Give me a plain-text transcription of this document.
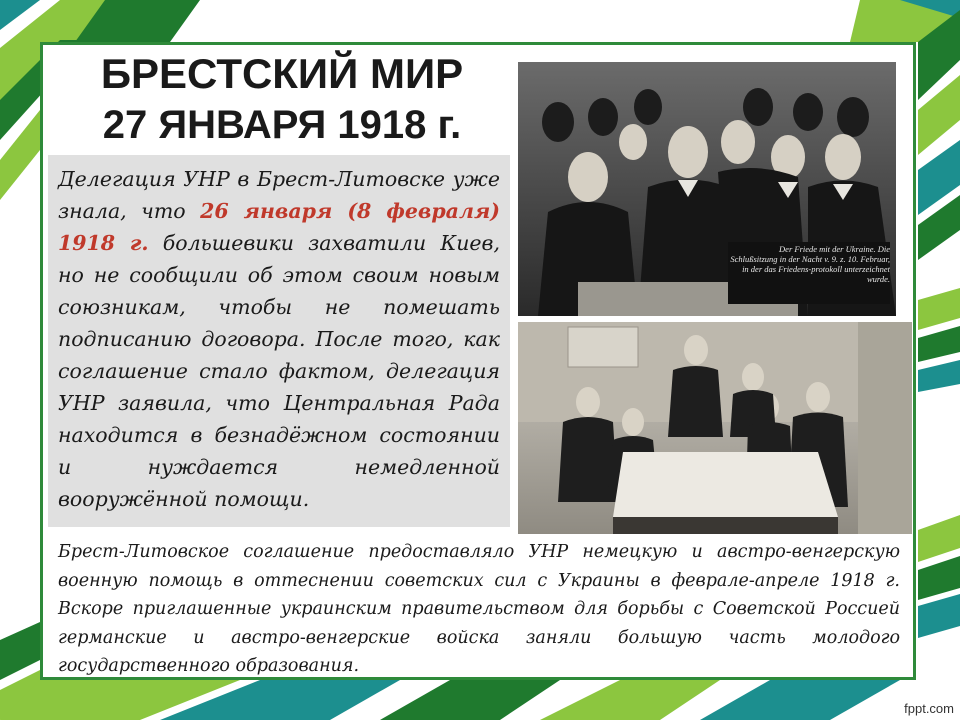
БРЕСТСКИЙ МИР
27 ЯНВАРЯ 1918 г.

Делегация УНР в Брест-Литовске уже знала, что 26 января (8 февраля) 1918 г. большевики захватили Киев, но не сообщили об этом своим новым союзникам, чтобы не помешать подписанию договора. После того, как соглашение стало фактом, делегация УНР заявила, что Центральная Рада находится в безнадёжном состоянии и нуждается немедленной вооружённой помощи.

Der Friede mit der Ukraine. Die Schlußsitzung in der Nacht v. 9. z. 10. Februar, in der das Friedens-protokoll unterzeichnet wurde.

Брест-Литовское соглашение предоставляло УНР немецкую и австро-венгерскую военную помощь в оттеснении советских сил с Украины в феврале-апреле 1918 г. Вскоре приглашенные украинским правительством для борьбы с Советской Россией германские и австро-венгерские войска заняли большую часть молодого государственного образования.

fppt.com
